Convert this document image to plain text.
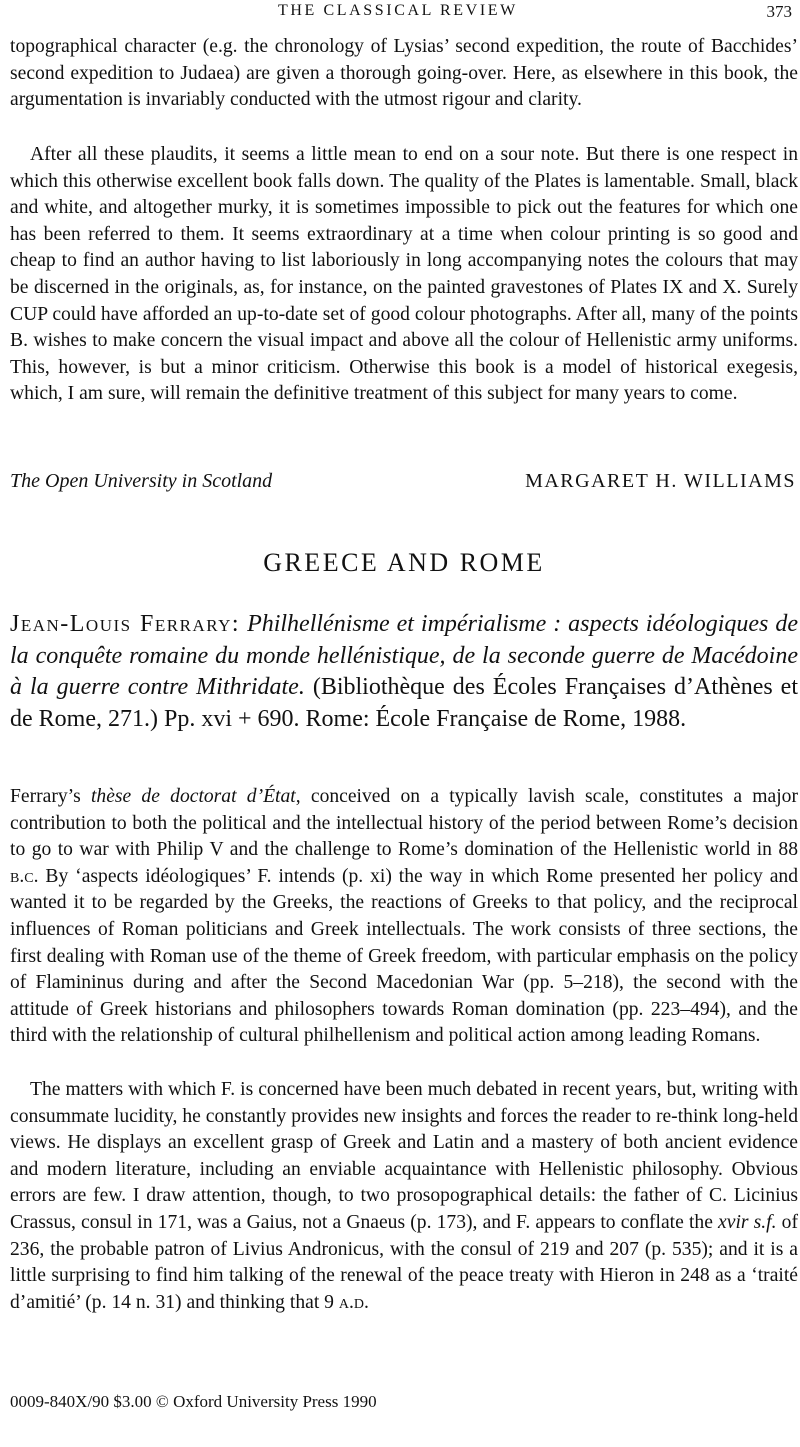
THE CLASSICAL REVIEW	373

topographical character (e.g. the chronology of Lysias’ second expedition, the route of Bacchides’ second expedition to Judaea) are given a thorough going-over. Here, as elsewhere in this book, the argumentation is invariably conducted with the utmost rigour and clarity.

After all these plaudits, it seems a little mean to end on a sour note. But there is one respect in which this otherwise excellent book falls down. The quality of the Plates is lamentable. Small, black and white, and altogether murky, it is sometimes impossible to pick out the features for which one has been referred to them. It seems extraordinary at a time when colour printing is so good and cheap to find an author having to list laboriously in long accompanying notes the colours that may be discerned in the originals, as, for instance, on the painted gravestones of Plates IX and X. Surely CUP could have afforded an up-to-date set of good colour photographs. After all, many of the points B. wishes to make concern the visual impact and above all the colour of Hellenistic army uniforms. This, however, is but a minor criticism. Otherwise this book is a model of historical exegesis, which, I am sure, will remain the definitive treatment of this subject for many years to come.

The Open University in Scotland	MARGARET H. WILLIAMS
GREECE AND ROME

Jean-Louis Ferrary: Philhellénisme et impérialisme : aspects idéologiques de la conquête romaine du monde hellénistique, de la seconde guerre de Macédoine à la guerre contre Mithridate. (Bibliothèque des Écoles Françaises d’Athènes et de Rome, 271.) Pp. xvi + 690. Rome: École Française de Rome, 1988.

Ferrary’s thèse de doctorat d’État, conceived on a typically lavish scale, constitutes a major contribution to both the political and the intellectual history of the period between Rome’s decision to go to war with Philip V and the challenge to Rome’s domination of the Hellenistic world in 88 b.c. By ‘aspects idéologiques’ F. intends (p. xi) the way in which Rome presented her policy and wanted it to be regarded by the Greeks, the reactions of Greeks to that policy, and the reciprocal influences of Roman politicians and Greek intellectuals. The work consists of three sections, the first dealing with Roman use of the theme of Greek freedom, with particular emphasis on the policy of Flamininus during and after the Second Macedonian War (pp. 5–218), the second with the attitude of Greek historians and philosophers towards Roman domination (pp. 223–494), and the third with the relationship of cultural philhellenism and political action among leading Romans.

The matters with which F. is concerned have been much debated in recent years, but, writing with consummate lucidity, he constantly provides new insights and forces the reader to re-think long-held views. He displays an excellent grasp of Greek and Latin and a mastery of both ancient evidence and modern literature, including an enviable acquaintance with Hellenistic philosophy. Obvious errors are few. I draw attention, though, to two prosopographical details: the father of C. Licinius Crassus, consul in 171, was a Gaius, not a Gnaeus (p. 173), and F. appears to conflate the xvir s.f. of 236, the probable patron of Livius Andronicus, with the consul of 219 and 207 (p. 535); and it is a little surprising to find him talking of the renewal of the peace treaty with Hieron in 248 as a ‘traité d’amitié’ (p. 14 n. 31) and thinking that 9 a.d.

0009-840X/90 $3.00 © Oxford University Press 1990
